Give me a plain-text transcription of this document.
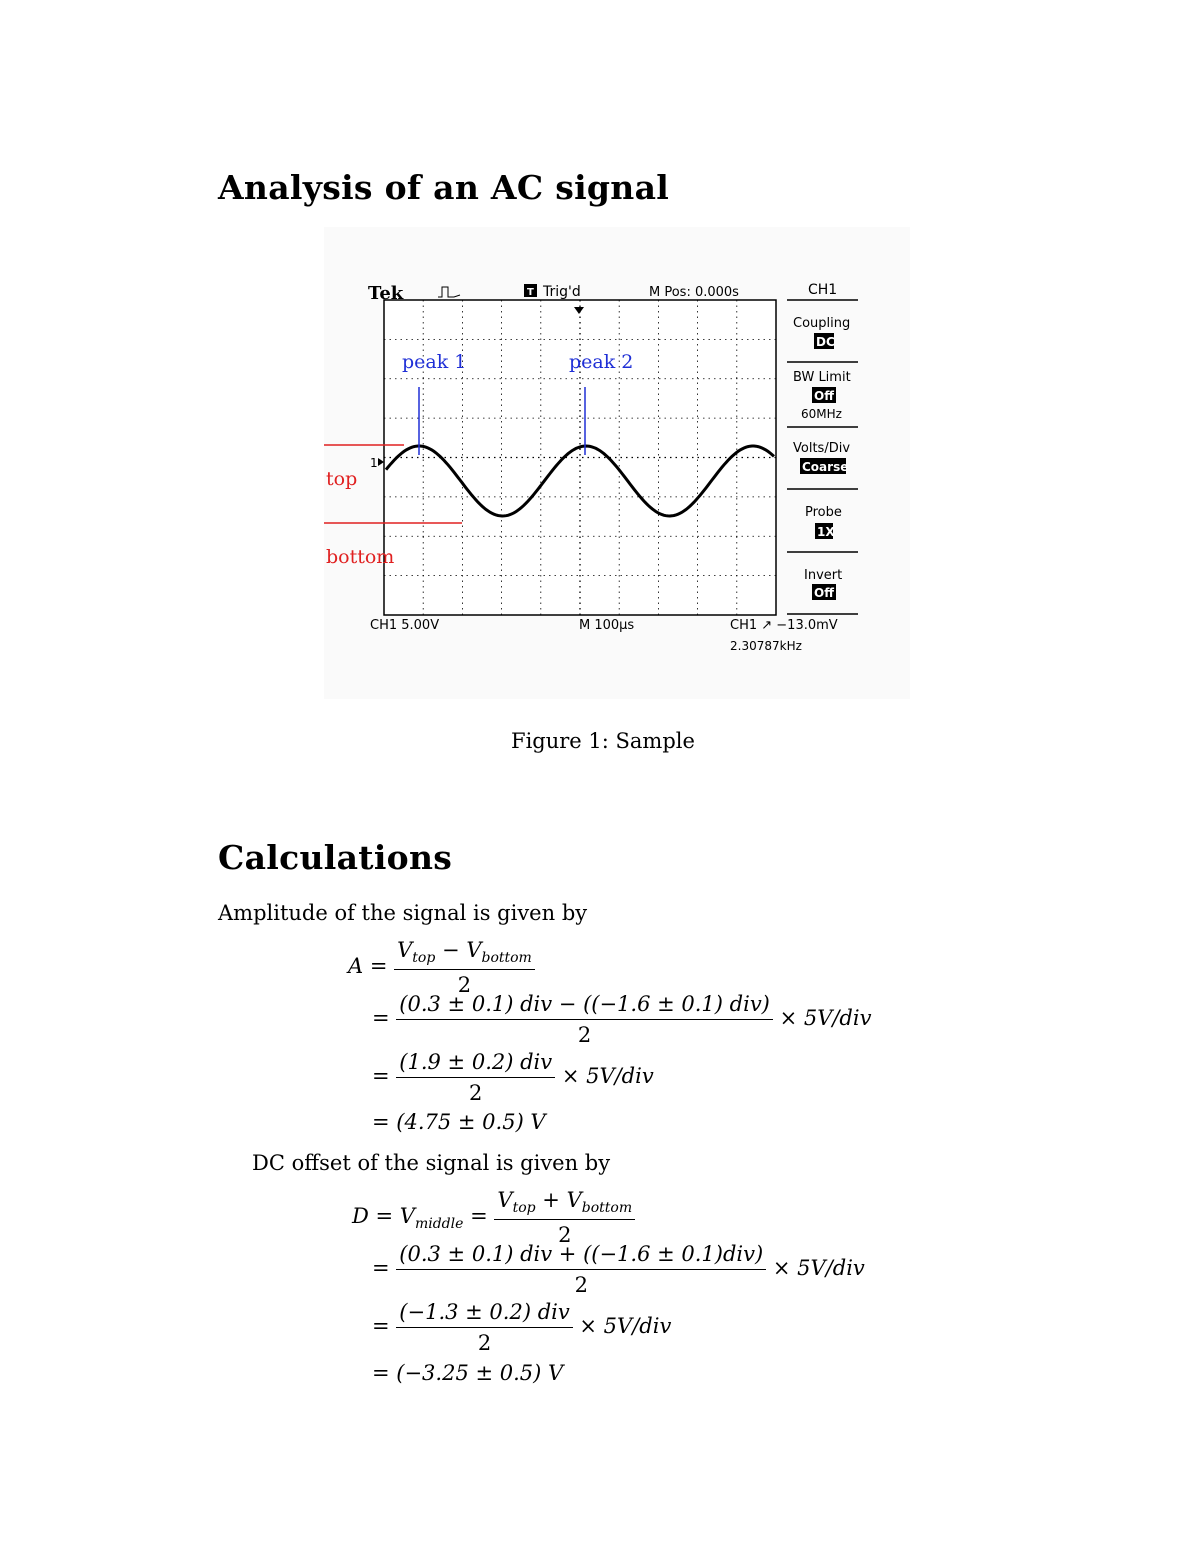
Analysis of an AC signal
Tek	T Trig'd	M Pos: 0.000s	CH1
Coupling
DC
BW Limit
Off
60MHz
Volts/Div
Coarse
Probe
1X
Invert
Off
CH1 5.00V	M 100µs	CH1 ↗ −13.0mV
2.30787kHz
1
top
bottom
peak 1	peak 2
Figure 1: Sample
Calculations
Amplitude of the signal is given by
$A = \frac{V_{top} - V_{bottom}}{2}$
= $\frac{\text{(0.3 ± 0.1) div − ((−1.6 ± 0.1) div)}}{2} \times 5V/div$
= $\frac{\text{(1.9 ± 0.2) div}}{2} \times 5V/div$
= (4.75 ± 0.5) V
DC offset of the signal is given by
$D = V_{middle} = \frac{V_{top} + V_{bottom}}{2}$
= $\frac{\text{(0.3 ± 0.1) div + ((−1.6 ± 0.1)div)}}{2} \times 5V/div$
= $\frac{\text{(−1.3 ± 0.2) div}}{2} \times 5V/div$
= (−3.25 ± 0.5) V
